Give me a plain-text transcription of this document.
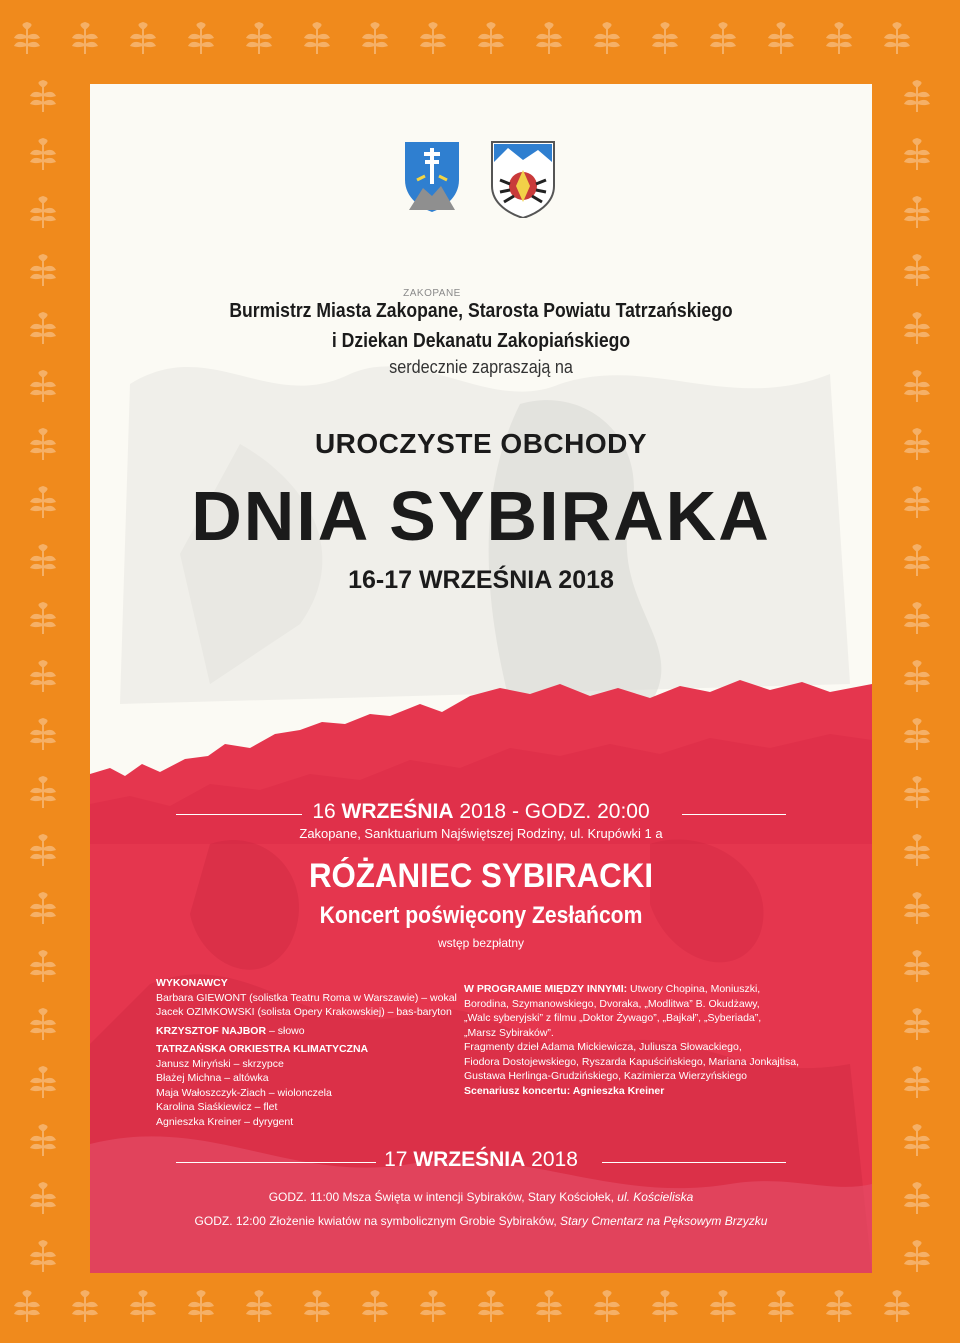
ZAKOPANE
Burmistrz Miasta Zakopane, Starosta Powiatu Tatrzańskiego
i Dziekan Dekanatu Zakopiańskiego
serdecznie zapraszają na
UROCZYSTE OBCHODY
DNIA SYBIRAKA
16-17 WRZEŚNIA 2018
16 WRZEŚNIA 2018 - GODZ. 20:00
Zakopane, Sanktuarium Najświętszej Rodziny, ul. Krupówki 1 a
RÓŻANIEC SYBIRACKI
Koncert poświęcony Zesłańcom
wstęp bezpłatny
WYKONAWCY
Barbara GIEWONT (solistka Teatru Roma w Warszawie) – wokal
Jacek OZIMKOWSKI (solista Opery Krakowskiej) – bas-baryton
KRZYSZTOF NAJBOR – słowo
TATRZAŃSKA ORKIESTRA KLIMATYCZNA
Janusz Miryński – skrzypce
Błażej Michna – altówka
Maja Wałoszczyk-Ziach – wiolonczela
Karolina Siaśkiewicz – flet
Agnieszka Kreiner – dyrygent
W PROGRAMIE MIĘDZY INNYMI: Utwory Chopina, Moniuszki,
Borodina, Szymanowskiego, Dvoraka, „Modlitwa” B. Okudżawy,
„Walc syberyjski” z filmu „Doktor Żywago”, „Bajkał”, „Syberiada”,
„Marsz Sybiraków”.
Fragmenty dzieł Adama Mickiewicza, Juliusza Słowackiego,
Fiodora Dostojewskiego, Ryszarda Kapuścińskiego, Mariana Jonkajtisa,
Gustawa Herlinga-Grudzińskiego, Kazimierza Wierzyńskiego
Scenariusz koncertu: Agnieszka Kreiner
17 WRZEŚNIA 2018
GODZ. 11:00 Msza Święta w intencji Sybiraków, Stary Kościołek, ul. Kościeliska
GODZ. 12:00 Złożenie kwiatów na symbolicznym Grobie Sybiraków, Stary Cmentarz na Pęksowym Brzyzku
